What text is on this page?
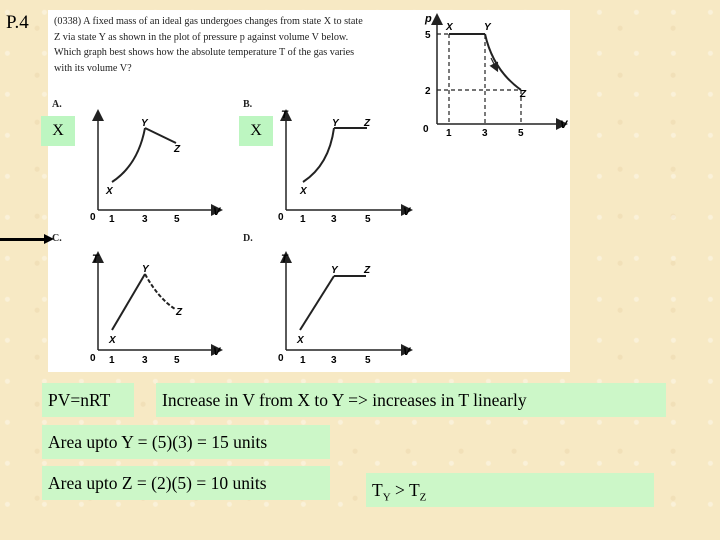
P.4 (0338) A fixed mass of an ideal gas undergoes changes from state X to state
Z via state Y as shown in the plot of pressure p against volume V below.
Which graph best shows how the absolute temperature T of the gas varies
with its volume V?
p
V
0 1	3	5
5
2
X	Y
Z
0 1	3	5
V
X
Y
Z
T
0 1	3	5
V
X
Y	Z
T
0 1	3	5
V
X
Y
Z
T
0 1	3	5
V
X
Y	Z
A.	B.
C.	D.
X	X
PV=nRT	Increase in V from X to Y => increases in T linearly
Area upto Y = (5)(3) = 15 units
Area upto Z = (2)(5) = 10 units	$T_Y > T_Z$
